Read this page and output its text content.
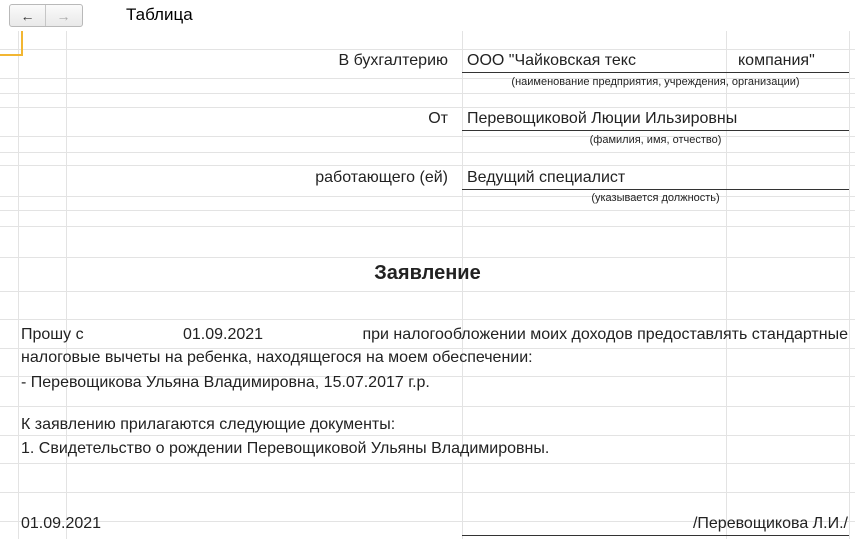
← →	Таблица
В бухгалтерию ООО "Чайковская текс	компания"
(наименование предприятия, учреждения, организации)
От Перевощиковой Люции Ильзировны
(фамилия, имя, отчество)
работающего (ей) Ведущий специалист
(указывается должность)
Заявление
Прошу с	01.09.2021	при налогообложении моих доходов предоставлять стандартные
налоговые вычеты на ребенка, находящегося на моем обеспечении:
- Перевощикова Ульяна Владимировна, 15.07.2017 г.р.
К заявлению прилагаются следующие документы:
1. Свидетельство о рождении Перевощиковой Ульяны Владимировны.
01.09.2021	/Перевощикова Л.И./
